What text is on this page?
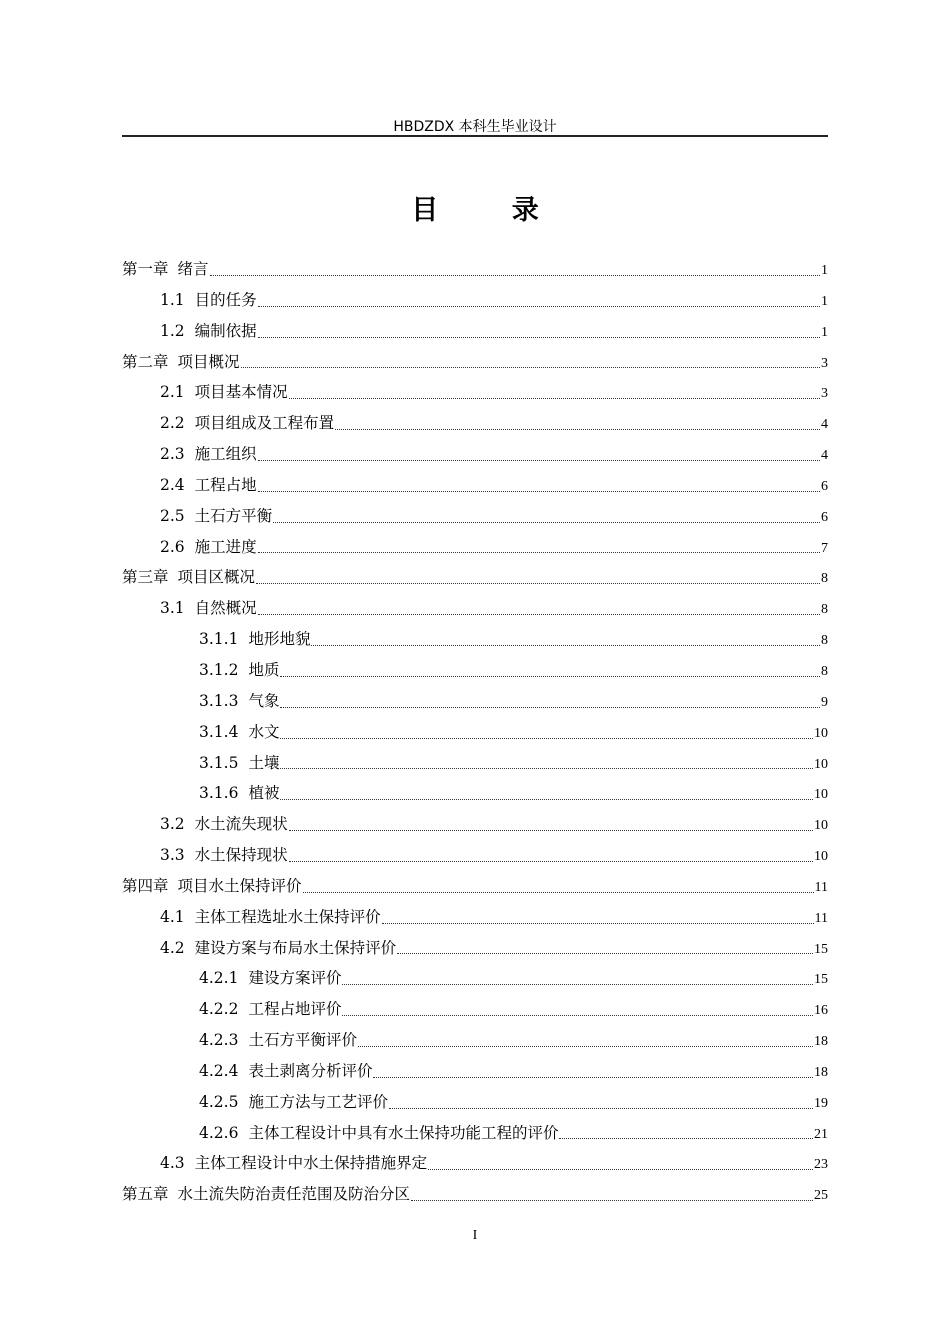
HBDZDX 本科生毕业设计
目 录
第一章 绪言	1
1.1 目的任务	1
1.2 编制依据	1
第二章 项目概况	3
2.1 项目基本情况	3
2.2 项目组成及工程布置	4
2.3 施工组织	4
2.4 工程占地	6
2.5 土石方平衡	6
2.6 施工进度	7
第三章 项目区概况	8
3.1 自然概况	8
3.1.1 地形地貌	8
3.1.2 地质	8
3.1.3 气象	9
3.1.4 水文	10
3.1.5 土壤	10
3.1.6 植被	10
3.2 水土流失现状	10
3.3 水土保持现状	10
第四章 项目水土保持评价	11
4.1 主体工程选址水土保持评价	11
4.2 建设方案与布局水土保持评价	15
4.2.1 建设方案评价	15
4.2.2 工程占地评价	16
4.2.3 土石方平衡评价	18
4.2.4 表土剥离分析评价	18
4.2.5 施工方法与工艺评价	19
4.2.6 主体工程设计中具有水土保持功能工程的评价	21
4.3 主体工程设计中水土保持措施界定	23
第五章 水土流失防治责任范围及防治分区	25
I
